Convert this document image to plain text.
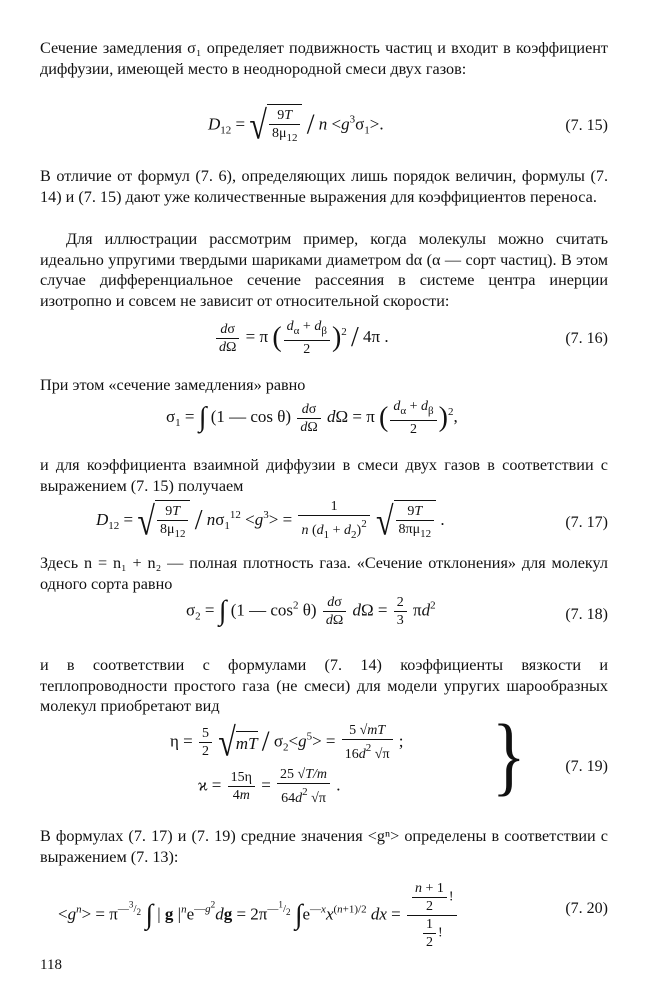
Сечение замедления σ₁ определяет подвижность частиц и входит в коэффициент диффузии, имеющей место в неоднородной смеси двух газов:

$D_{12}$ = √ $\frac{9T}{8\mu_{12}} / n <g^3\sigma_1>$.	(7. 15)

В отличие от формул (7. 6), определяющих лишь порядок величин, формулы (7. 14) и (7. 15) дают уже количественные выражения для коэффициентов переноса.

Для иллюстрации рассмотрим пример, когда молекулы можно считать идеально упругими твердыми шариками диаметром dα (α — сорт частиц). В этом случае дифференциальное сечение рассеяния в системе центра инерции изотропно и совсем не зависит от относительной скорости:

$\frac{d\sigma}{d\Omega} = \pi$ ( $\frac{d_\alpha + d_\beta}{2} )^2 / 4\pi$ .	(7. 16)

При этом «сечение замедления» равно

$\sigma_1$ = ∫ (1 — $\cos \theta) \frac{d\sigma}{d\Omega}$ dΩ = π ( $\frac{d_\alpha + d_\beta}{2} )^2$,

и для коэффициента взаимной диффузии в смеси двух газов в соответствии с выражением (7. 15) получаем

$D_{12}$ = √ $\frac{9T}{8\mu_{12}} / n\sigma_1^{12} <g^3> = \frac{1}{n (d_1 + d_2)^2}$ √ $\frac{9T}{8\pi\mu_{12}}$ .	(7. 17)

Здесь n = n₁ + n₂ — полная плотность газа. «Сечение отклонения» для молекул одного сорта равно

$\sigma_2$ = ∫ (1 — $\cos^2 \theta) \frac{d\sigma}{d\Omega}$ $d\Omega = \frac{2}{3} \pi d^2$
(7. 18)

и в соответствии с формулами (7. 14) коэффициенты вязкости и теплопроводности простого газа (не смеси) для модели упругих шарообразных молекул приобретают вид

$\eta = \frac{5}{2} √mT / \sigma_2<g^5> = \frac{5 √mT}{16d^2 √\pi}$ ;
$ϰ = \frac{15\eta}{4m} = \frac{25 √T/m}{64d^2 √\pi}$ . } (7. 19)

В формулах (7. 17) и (7. 19) средние значения <gⁿ> определены в соответствии с выражением (7. 13):

$<g^n> = \pi^{—^3/_2}$ ∫ | g $|^ne^{—g^2}dg = 2\pi^{—^1/_2}$ $\int e^{—x}x^{(n+1)/2}$ dx = $\frac{\frac{n + 1}{2} !}{\frac{1}{2} !}$	(7. 20)
118
